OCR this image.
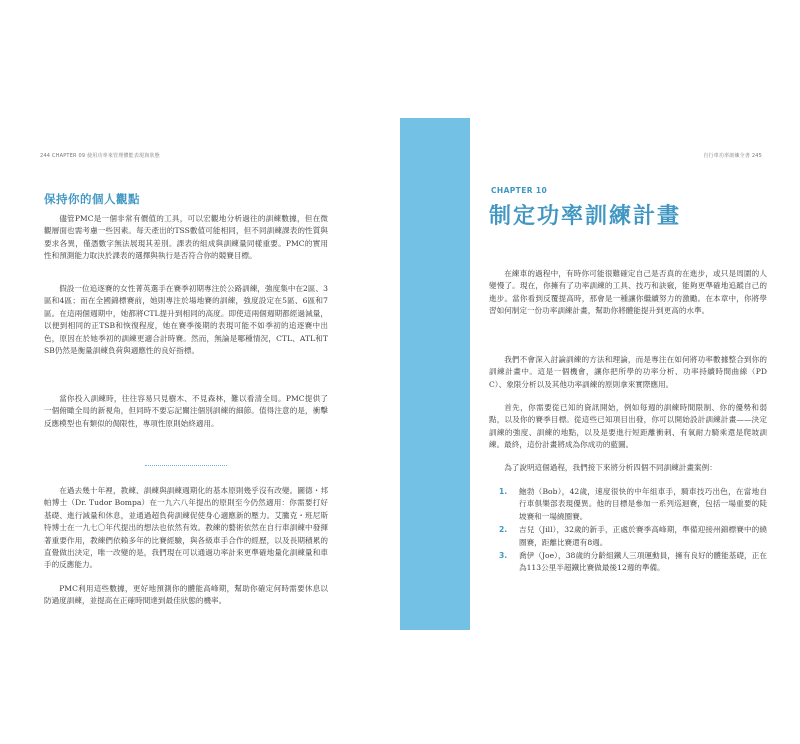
244 CHAPTER 09 使用功率來管理體能表現與狀態
保持你的個人觀點

儘管PMC是一個非常有價值的工具，可以宏觀地分析過往的訓練數據，但在微觀層面也需考慮一些因素。每天產出的TSS數值可能相同，但不同訓練課表的性質與要求各異，僅憑數字無法展現其差別。課表的組成與訓練量同樣重要。PMC的實用性和預測能力取決於課表的選擇與執行是否符合你的競賽目標。

假設一位追逐賽的女性菁英選手在賽季初期專注於公路訓練，強度集中在2區、3區和4區；而在全國錦標賽前，她則專注於場地賽的訓練，強度設定在5區、6區和7區。在這兩個週期中，她都將CTL提升到相同的高度。即使這兩個週期都經過減量，以便到相同的正TSB和恢復程度，她在賽季後期的表現可能不如季初的追逐賽中出色，原因在於她季初的訓練更適合計時賽。然而，無論是哪種情況，CTL、ATL和TSB仍然是衡量訓練負荷與適應性的良好指標。

當你投入訓練時，往往容易只見樹木、不見森林，難以看清全局。PMC提供了一個俯瞰全局的新視角，但同時不要忘記關注個別訓練的細節。值得注意的是，衝擊反應模型也有類似的侷限性，專項性原則始終適用。

在過去幾十年裡，教練、訓練與訓練週期化的基本原則幾乎沒有改變。圖德・邦帕博士（Dr. Tudor Bompa）在一九六八年提出的原則至今仍然適用：你需要打好基礎、進行減量和休息，並通過超負荷訓練促使身心適應新的壓力。艾騰克・班尼斯特博士在一九七〇年代提出的想法也依然有效。教練的藝術依然在自行車訓練中發揮著重要作用，教練們依賴多年的比賽經驗，與各級車手合作的經歷，以及長期積累的直覺做出決定，唯一改變的是，我們現在可以通過功率計來更準確地量化訓練量和車手的反應能力。

PMC利用這些數據，更好地預測你的體能高峰期，幫助你確定何時需要休息以防過度訓練，並提高在正確時間達到最佳狀態的機率。

自行車功率訓練全書 245
CHAPTER 10
制定功率訓練計畫

在練車的過程中，有時你可能很難確定自己是否真的在進步，或只是周圍的人變慢了。現在，你擁有了功率訓練的工具、技巧和訣竅，能夠更準確地追蹤自己的進步。當你看到反覆提高時，那會是一種讓你繼續努力的激勵。在本章中，你將學習如何制定一份功率訓練計畫，幫助你將體能提升到更高的水準。

我們不會深入討論訓練的方法和理論，而是專注在如何將功率數據整合到你的訓練計畫中。這是一個機會，讓你把所學的功率分析、功率持續時間曲線（PDC）、象限分析以及其他功率訓練的原則拿來實際應用。

首先，你需要從已知的資訊開始，例如每週的訓練時間限制、你的優勢和弱點，以及你的賽季目標。從這些已知項目出發，你可以開始設計訓練計畫——決定訓練的強度、訓練的地點，以及是要進行短距離衝刺、有氧耐力騎乘還是爬坡訓練。最終，這份計畫將成為你成功的藍圖。

為了說明這個過程，我們接下來將分析四個不同訓練計畫案例：

1. 鮑勃（Bob），42歲，速度很快的中年組車手，騎車技巧出色，在當地自行車俱樂部表現優異。他的目標是參加一系列巡迴賽，包括一場重要的陡坡賽和一場繞圈賽。
2. 吉兒（Jill），32歲的新手，正處於賽季高峰期，準備迎接州錦標賽中的繞圈賽，距離比賽還有8週。
3. 喬伊（Joe），38歲的分齡組鐵人三項運動員，擁有良好的體能基礎，正在為113公里半超鐵比賽做最後12週的準備。
